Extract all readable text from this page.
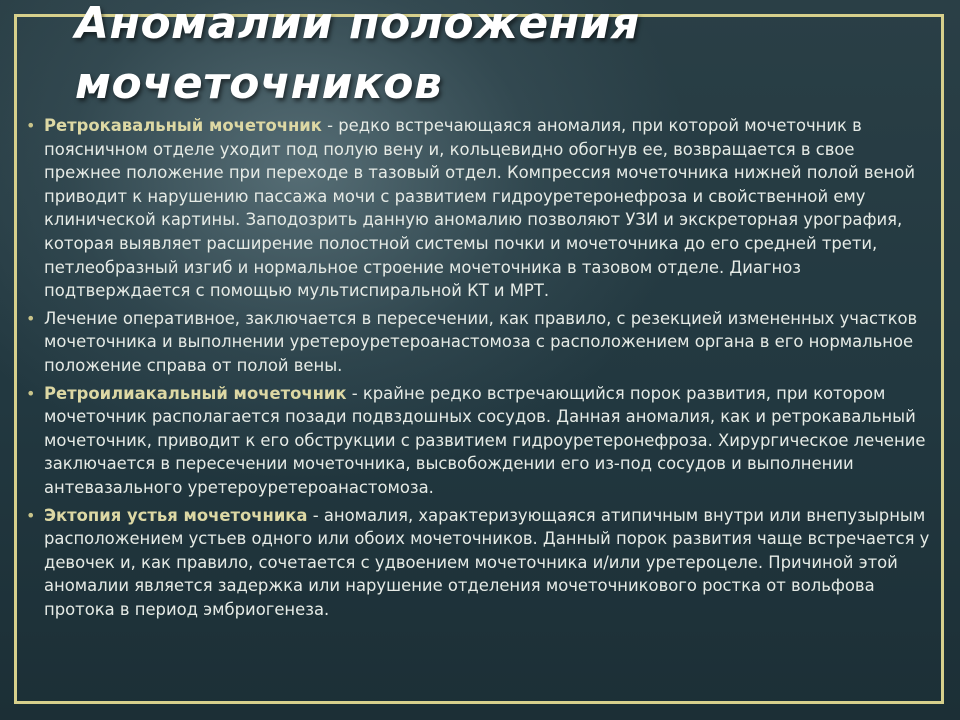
Аномалии положения
мочеточников
• Ретрокавальный мочеточник - редко встречающаяся аномалия, при которой мочеточник в поясничном отделе уходит под полую вену и, кольцевидно обогнув ее, возвращается в свое прежнее положение при переходе в тазовый отдел. Компрессия мочеточника нижней полой веной приводит к нарушению пассажа мочи с развитием гидроуретеронефроза и свойственной ему клинической картины. Заподозрить данную аномалию позволяют УЗИ и экскреторная урография, которая выявляет расширение полостной системы почки и мочеточника до его средней трети, петлеобразный изгиб и нормальное строение мочеточника в тазовом отделе. Диагноз подтверждается с помощью мультиспиральной КТ и МРТ.
• Лечение оперативное, заключается в пересечении, как правило, с резекцией измененных участков мочеточника и выполнении уретероуретероанастомоза с расположением органа в его нормальное положение справа от полой вены.
• Ретроилиакальный мочеточник - крайне редко встречающийся порок развития, при котором мочеточник располагается позади подвздошных сосудов. Данная аномалия, как и ретрокавальный мочеточник, приводит к его обструкции с развитием гидроуретеронефроза. Хирургическое лечение заключается в пересечении мочеточника, высвобождении его из-под сосудов и выполнении антевазального уретероуретероанастомоза.
• Эктопия устья мочеточника - аномалия, характеризующаяся атипичным внутри или внепузырным расположением устьев одного или обоих мочеточников. Данный порок развития чаще встречается у девочек и, как правило, сочетается с удвоением мочеточника и/или уретероцеле. Причиной этой аномалии является задержка или нарушение отделения мочеточникового ростка от вольфова протока в период эмбриогенеза.
